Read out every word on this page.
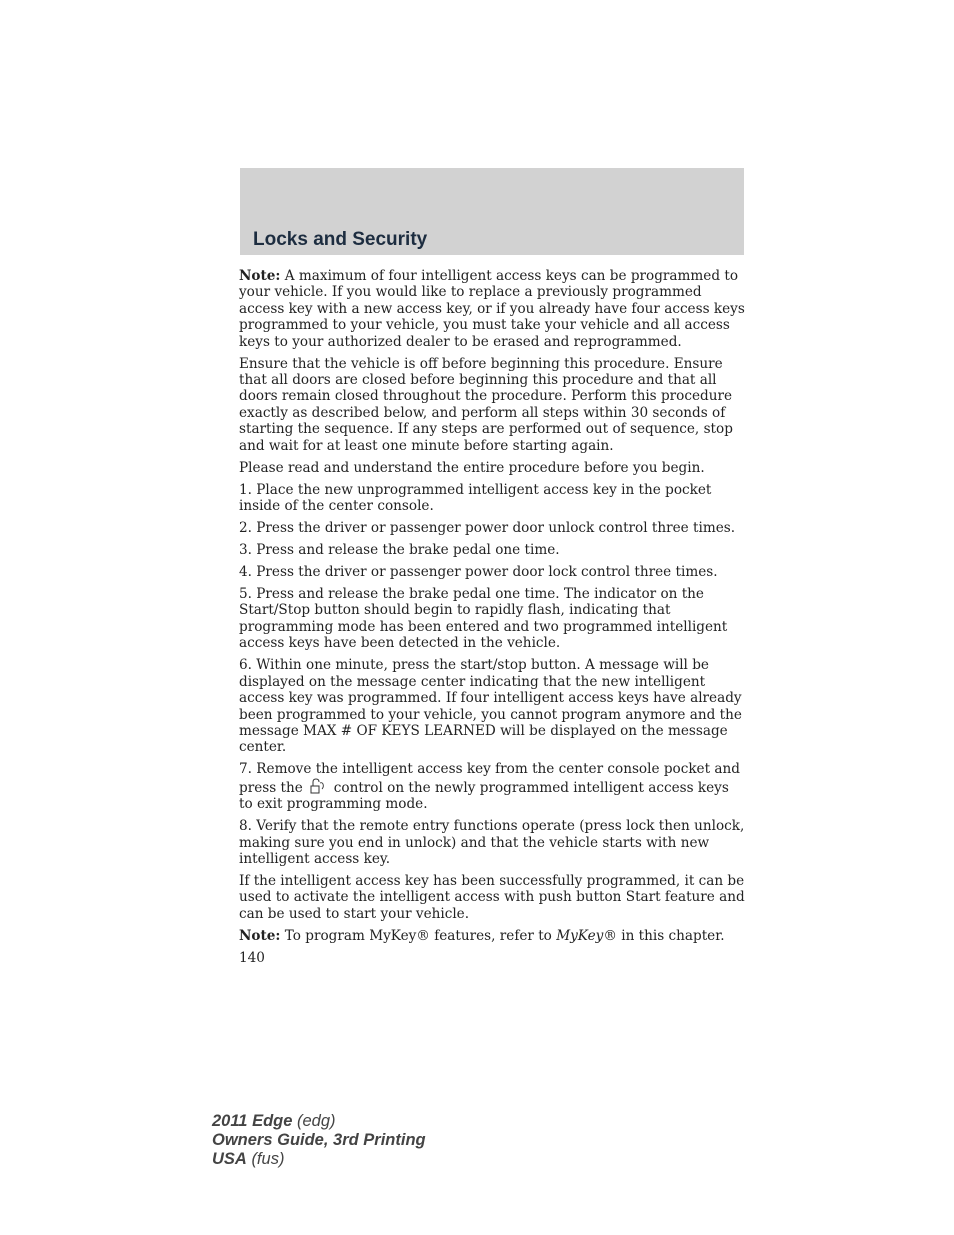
Locks and Security

Note: A maximum of four intelligent access keys can be programmed to your vehicle. If you would like to replace a previously programmed access key with a new access key, or if you already have four access keys programmed to your vehicle, you must take your vehicle and all access keys to your authorized dealer to be erased and reprogrammed.

Ensure that the vehicle is off before beginning this procedure. Ensure that all doors are closed before beginning this procedure and that all doors remain closed throughout the procedure. Perform this procedure exactly as described below, and perform all steps within 30 seconds of starting the sequence. If any steps are performed out of sequence, stop and wait for at least one minute before starting again.

Please read and understand the entire procedure before you begin.

1. Place the new unprogrammed intelligent access key in the pocket inside of the center console.

2. Press the driver or passenger power door unlock control three times.

3. Press and release the brake pedal one time.

4. Press the driver or passenger power door lock control three times.

5. Press and release the brake pedal one time. The indicator on the Start/Stop button should begin to rapidly flash, indicating that programming mode has been entered and two programmed intelligent access keys have been detected in the vehicle.

6. Within one minute, press the start/stop button. A message will be displayed on the message center indicating that the new intelligent access key was programmed. If four intelligent access keys have already been programmed to your vehicle, you cannot program anymore and the message MAX # OF KEYS LEARNED will be displayed on the message center.

7. Remove the intelligent access key from the center console pocket and press the control on the newly programmed intelligent access keys to exit programming mode.

8. Verify that the remote entry functions operate (press lock then unlock, making sure you end in unlock) and that the vehicle starts with new intelligent access key.

If the intelligent access key has been successfully programmed, it can be used to activate the intelligent access with push button Start feature and can be used to start your vehicle.

Note: To program MyKey® features, refer to MyKey® in this chapter.

140
2011 Edge (edg)
Owners Guide, 3rd Printing
USA (fus)
